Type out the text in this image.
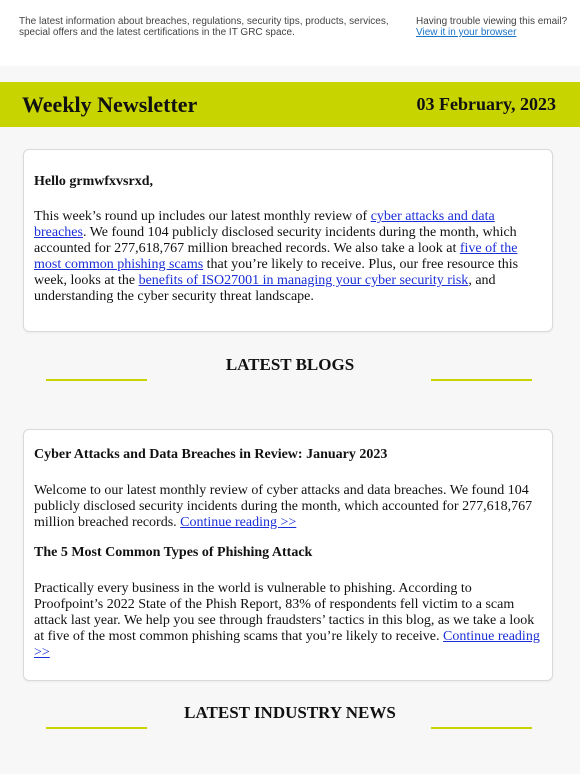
The latest information about breaches, regulations, security tips, products, services, special offers and the latest certifications in the IT GRC space.
Having trouble viewing this email?
View it in your browser
Weekly Newsletter	03 February, 2023
Hello grmwfxvsrxd,
This week’s round up includes our latest monthly review of cyber attacks and data breaches. We found 104 publicly disclosed security incidents during the month, which accounted for 277,618,767 million breached records. We also take a look at five of the most common phishing scams that you’re likely to receive. Plus, our free resource this week, looks at the benefits of ISO27001 in managing your cyber security risk, and understanding the cyber security threat landscape.
LATEST BLOGS
Cyber Attacks and Data Breaches in Review: January 2023
Welcome to our latest monthly review of cyber attacks and data breaches. We found 104 publicly disclosed security incidents during the month, which accounted for 277,618,767 million breached records. Continue reading >>
The 5 Most Common Types of Phishing Attack
Practically every business in the world is vulnerable to phishing. According to Proofpoint’s 2022 State of the Phish Report, 83% of respondents fell victim to a scam attack last year. We help you see through fraudsters’ tactics in this blog, as we take a look at five of the most common phishing scams that you’re likely to receive. Continue reading >>
LATEST INDUSTRY NEWS
